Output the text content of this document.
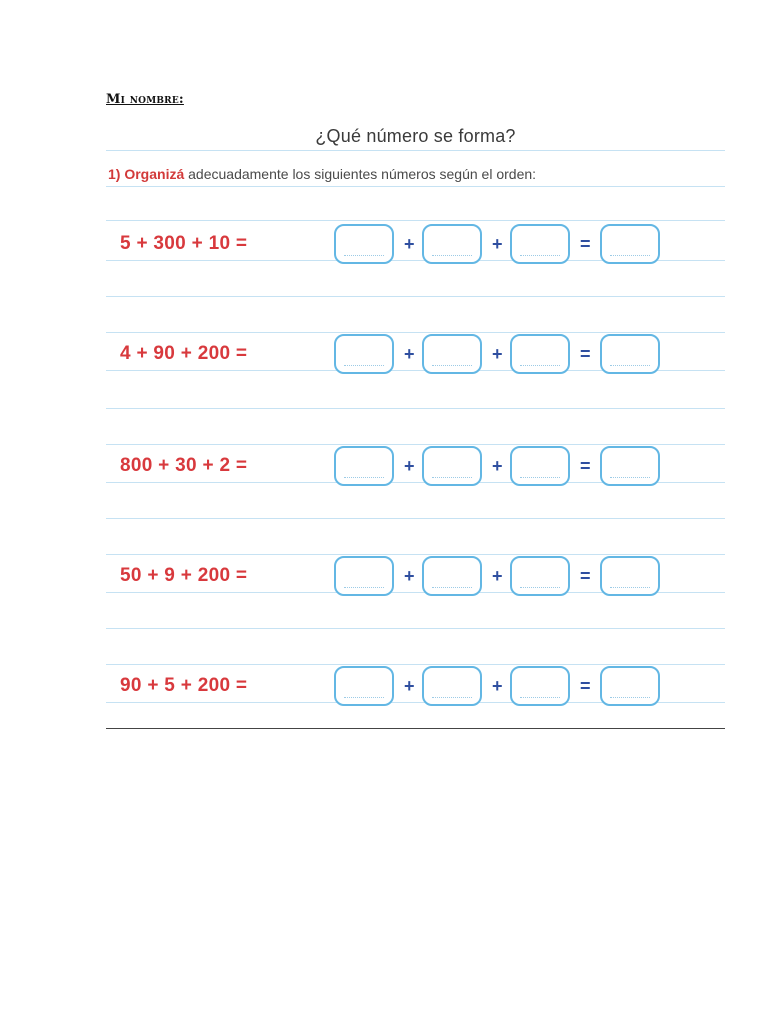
Mi nombre:
¿Qué número se forma?
1) Organizá adecuadamente los siguientes números según el orden:
5 + 300 + 10 =	+	+	=
4 + 90 + 200 =	+	+	=
800 + 30 + 2 =	+	+	=
50 + 9 + 200 =	+	+	=
90 + 5 + 200 =	+	+	=
